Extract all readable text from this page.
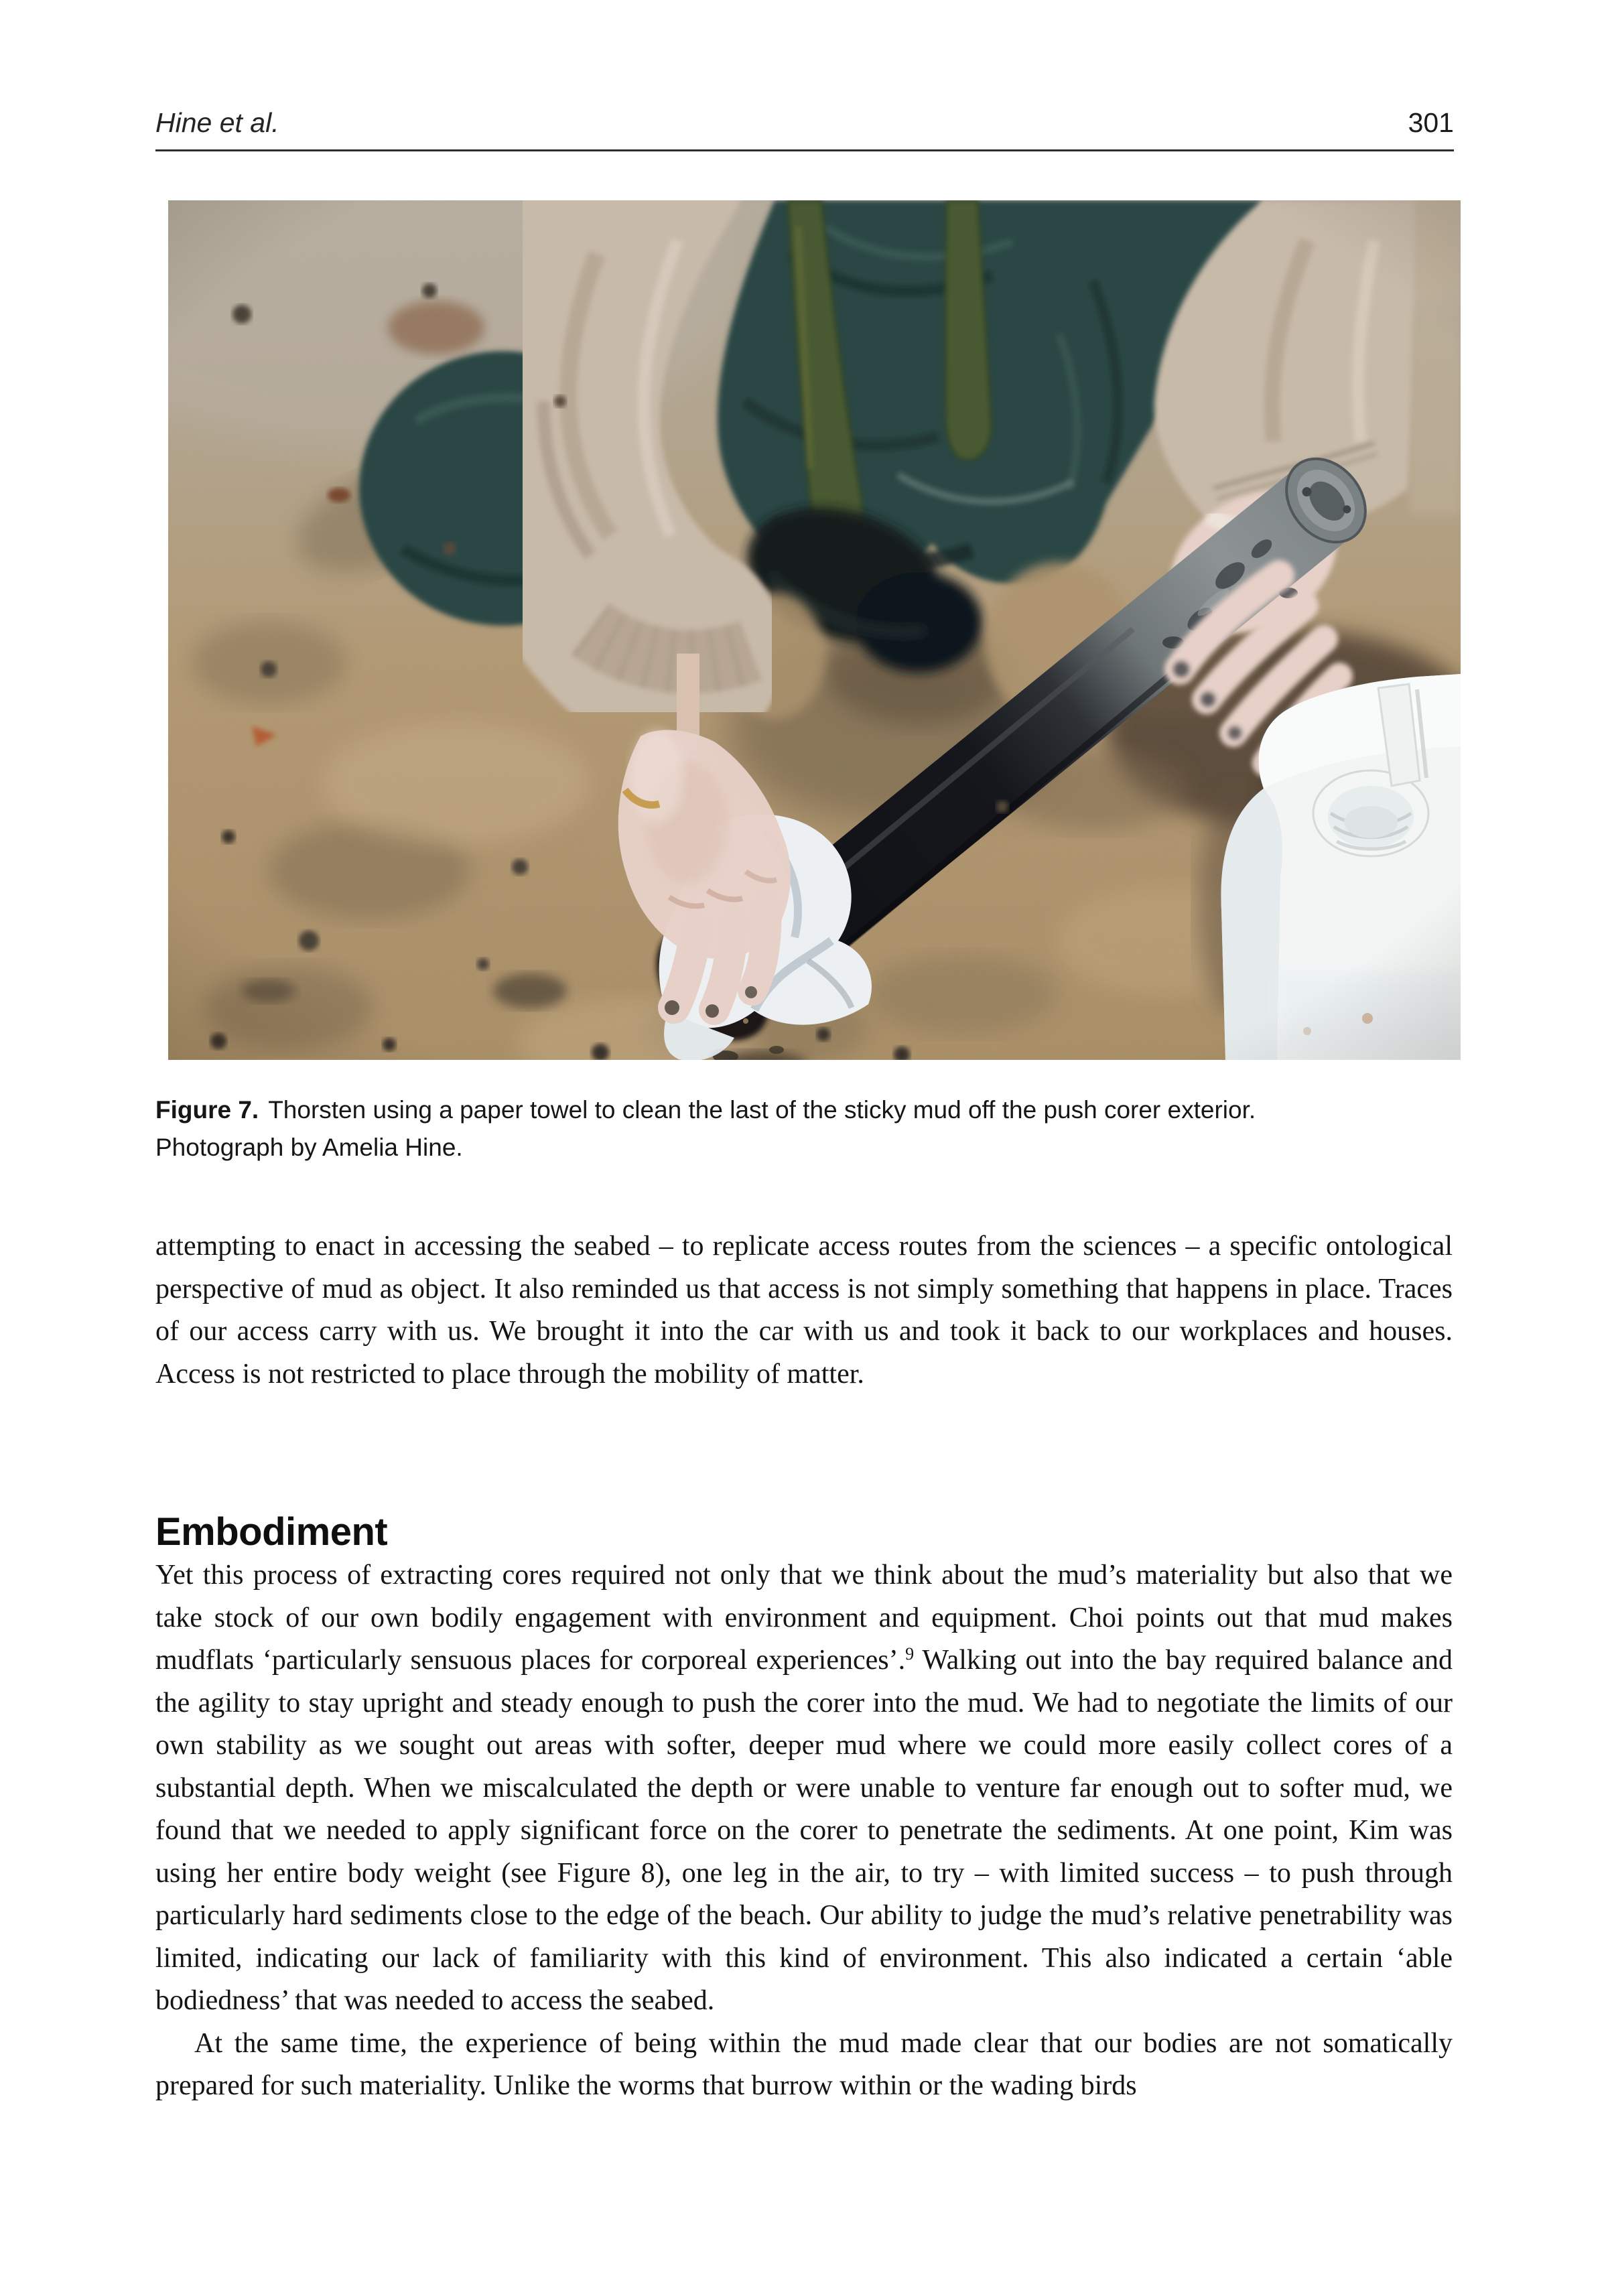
Hine et al.	301
Figure 7. Thorsten using a paper towel to clean the last of the sticky mud off the push corer exterior.
Photograph by Amelia Hine.
attempting to enact in accessing the seabed – to replicate access routes from the sciences – a specific ontological perspective of mud as object. It also reminded us that access is not simply something that happens in place. Traces of our access carry with us. We brought it into the car with us and took it back to our workplaces and houses. Access is not restricted to place through the mobility of matter.
Embodiment

Yet this process of extracting cores required not only that we think about the mud’s materiality but also that we take stock of our own bodily engagement with environment and equipment. Choi points out that mud makes mudflats ‘particularly sensuous places for corporeal experiences’.$^9$ Walking out into the bay required balance and the agility to stay upright and steady enough to push the corer into the mud. We had to negotiate the limits of our own stability as we sought out areas with softer, deeper mud where we could more easily collect cores of a substantial depth. When we miscalculated the depth or were unable to venture far enough out to softer mud, we found that we needed to apply significant force on the corer to penetrate the sediments. At one point, Kim was using her entire body weight (see Figure 8), one leg in the air, to try – with limited success – to push through particularly hard sediments close to the edge of the beach. Our ability to judge the mud’s relative penetrability was limited, indicating our lack of familiarity with this kind of environment. This also indicated a certain ‘able bodiedness’ that was needed to access the seabed.

At the same time, the experience of being within the mud made clear that our bodies are not somatically prepared for such materiality. Unlike the worms that burrow within or the wading birds
